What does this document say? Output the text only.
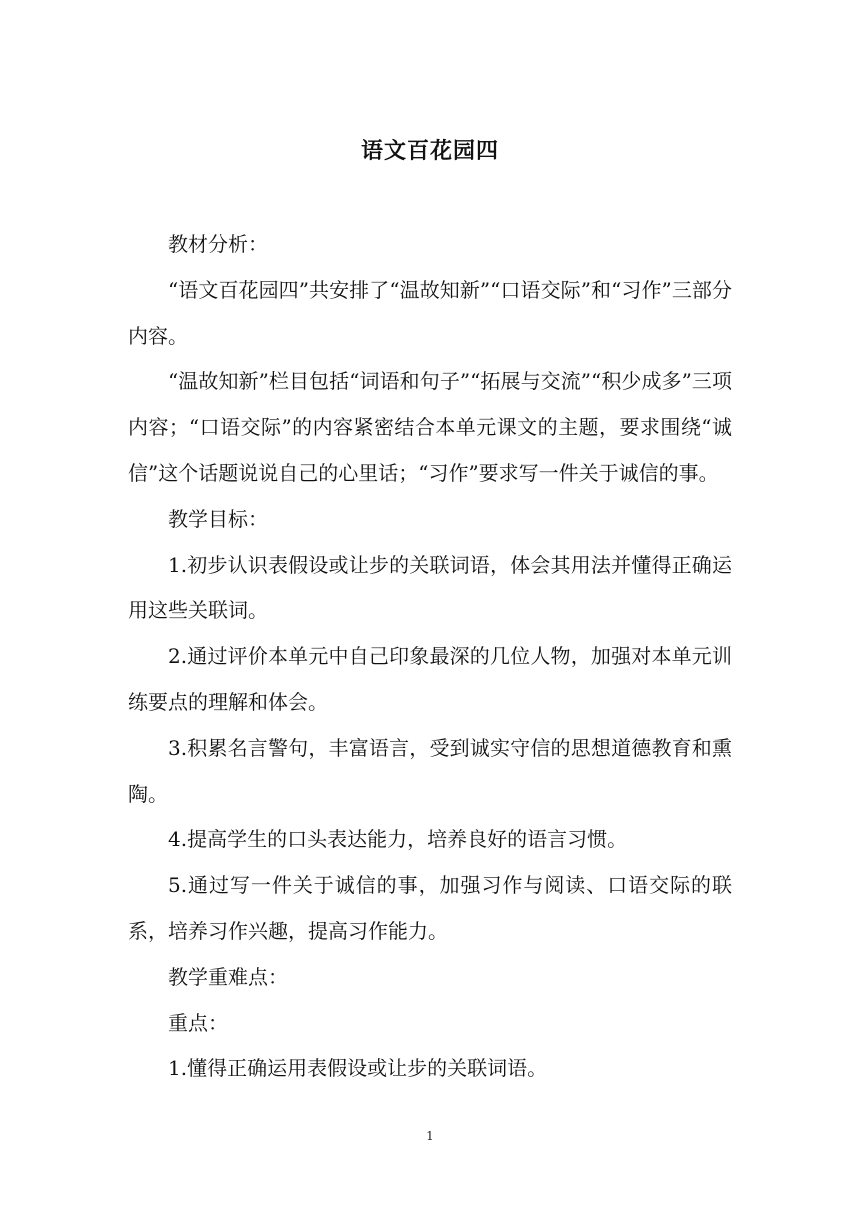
语文百花园四

教材分析：

“语文百花园四”共安排了“温故知新”“口语交际”和“习作”三部分内容。

“温故知新”栏目包括“词语和句子”“拓展与交流”“积少成多”三项内容；“口语交际”的内容紧密结合本单元课文的主题，要求围绕“诚信”这个话题说说自己的心里话；“习作”要求写一件关于诚信的事。

教学目标：

1.初步认识表假设或让步的关联词语，体会其用法并懂得正确运用这些关联词。

2.通过评价本单元中自己印象最深的几位人物，加强对本单元训练要点的理解和体会。

3.积累名言警句，丰富语言，受到诚实守信的思想道德教育和熏陶。

4.提高学生的口头表达能力，培养良好的语言习惯。

5.通过写一件关于诚信的事，加强习作与阅读、口语交际的联系，培养习作兴趣，提高习作能力。

教学重难点：

重点：

1.懂得正确运用表假设或让步的关联词语。

1
